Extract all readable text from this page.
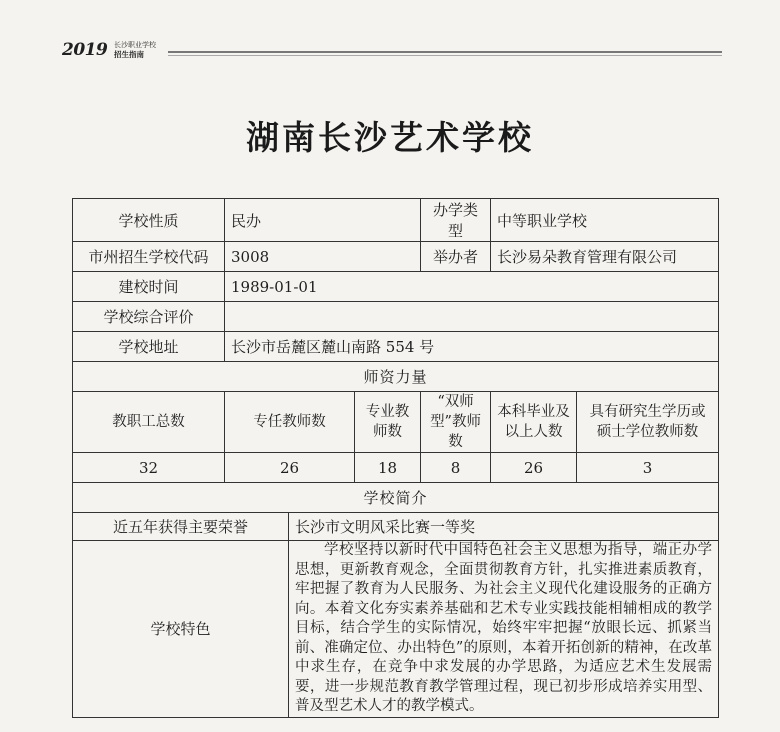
2019 长沙职业学校
招生指南
湖南长沙艺术学校
学校性质	民办			办学类型	中等职业学校	
市州招生学校代码	3008			举办者	长沙易朵教育管理有限公司	
建校时间	1989-01-01					
学校综合评价						
学校地址	长沙市岳麓区麓山南路 554 号					
师资力量						
教职工总数	专任教师数		专业教师数	“双师型”教师数	本科毕业及以上人数	具有研究生学历或硕士学位教师数
32	26		18	8	26	3
学校简介						
近五年获得主要荣誉		长沙市文明风采比赛一等奖				
学校特色		学校坚持以新时代中国特色社会主义思想为指导，端正办学思想，更新教育观念，全面贯彻教育方针，扎实推进素质教育，牢把握了教育为人民服务、为社会主义现代化建设服务的正确方向。本着文化夯实素养基础和艺术专业实践技能相辅相成的教学目标，结合学生的实际情况，始终牢牢把握“放眼长远、抓紧当前、准确定位、办出特色”的原则，本着开拓创新的精神，在改革中求生存，在竞争中求发展的办学思路，为适应艺术生发展需要，进一步规范教育教学管理过程，现已初步形成培养实用型、普及型艺术人才的教学模式。				
